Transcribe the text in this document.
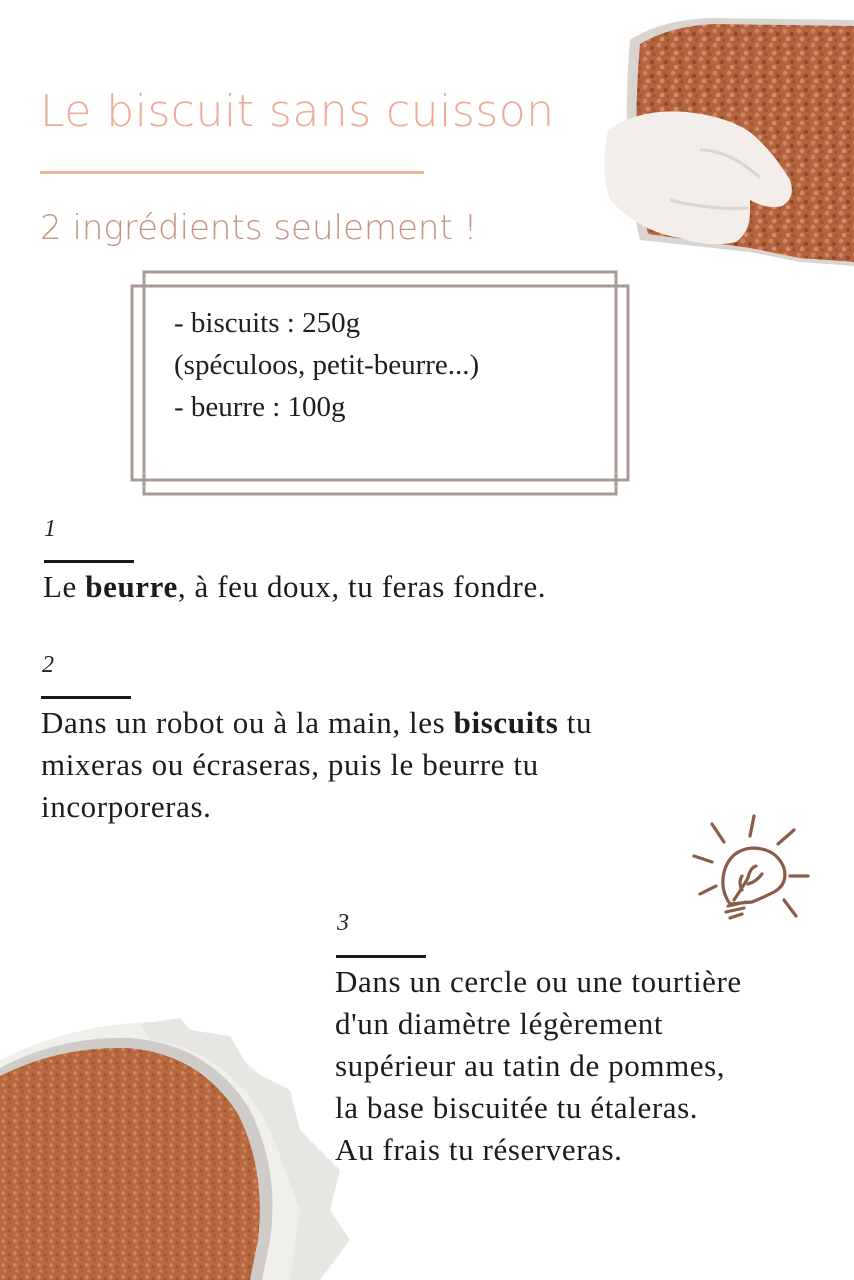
Le biscuit sans cuisson
2 ingrédients seulement !
- biscuits : 250g
(spéculoos, petit-beurre...)
- beurre : 100g
1
Le beurre, à feu doux, tu feras fondre.
2
Dans un robot ou à la main, les biscuits tu
mixeras ou écraseras, puis le beurre tu
incorporeras.
3
Dans un cercle ou une tourtière
d'un diamètre légèrement
supérieur au tatin de pommes,
la base biscuitée tu étaleras.
Au frais tu réserveras.
